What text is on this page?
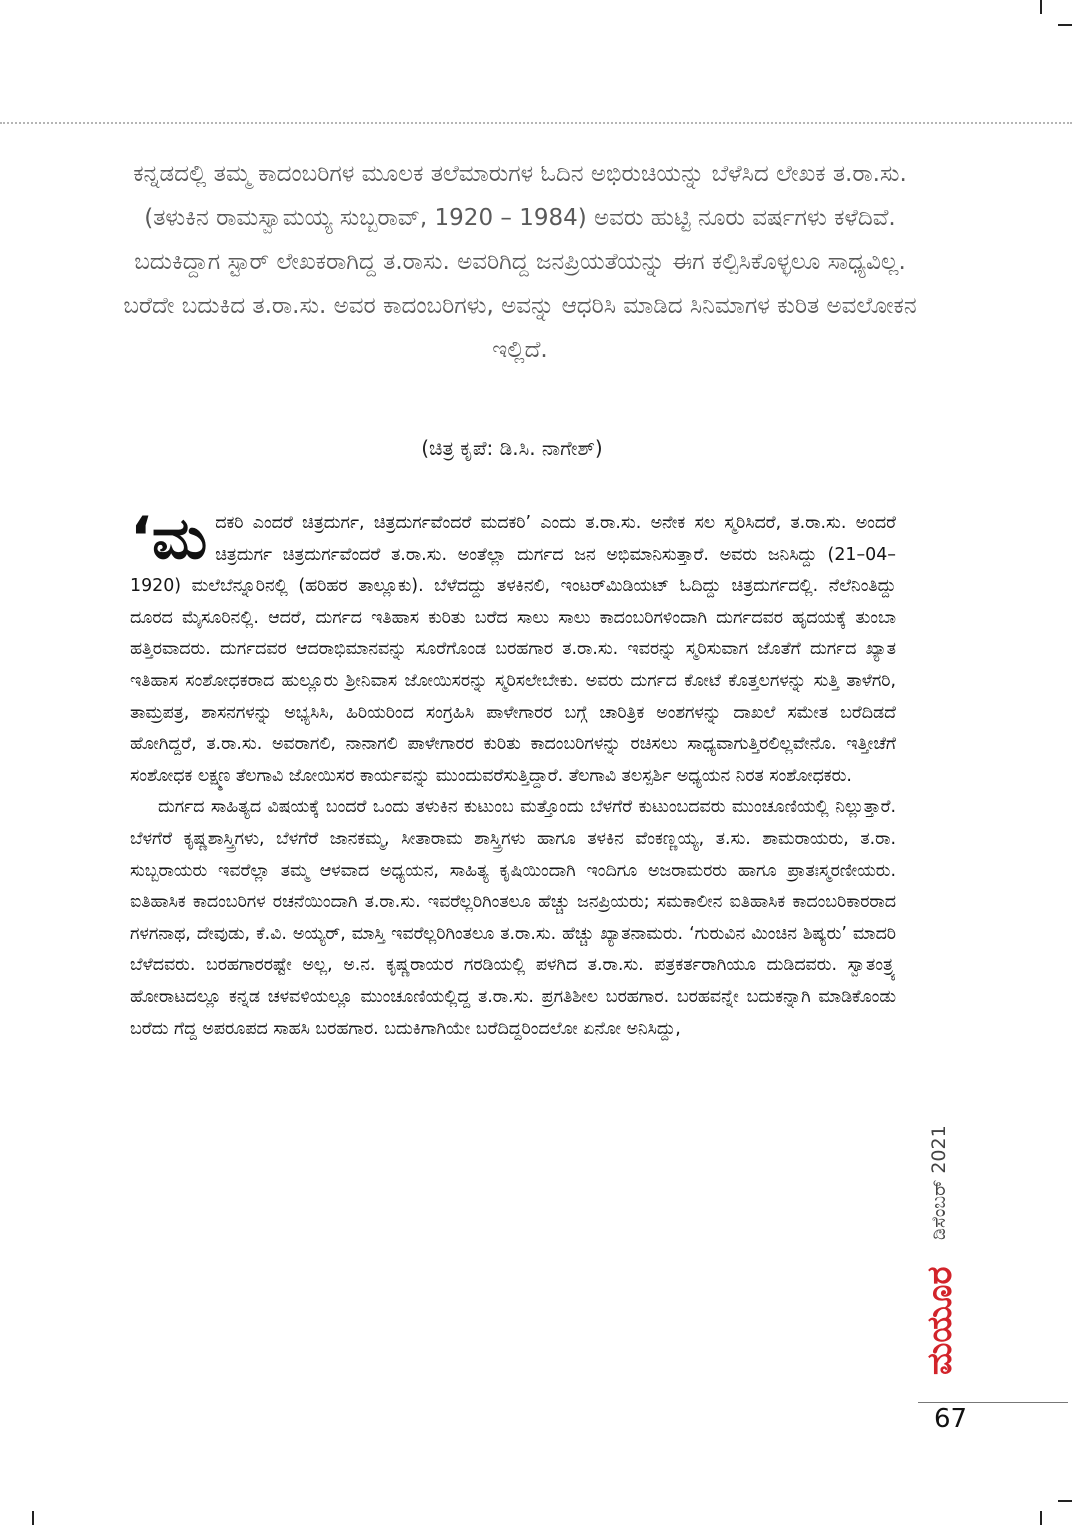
ಕನ್ನಡದಲ್ಲಿ ತಮ್ಮ ಕಾದಂಬರಿಗಳ ಮೂಲಕ ತಲೆಮಾರುಗಳ ಓದಿನ ಅಭಿರುಚಿಯನ್ನು ಬೆಳೆಸಿದ ಲೇಖಕ ತ.ರಾ.ಸು. (ತಳುಕಿನ ರಾಮಸ್ವಾಮಯ್ಯ ಸುಬ್ಬರಾವ್, 1920 – 1984) ಅವರು ಹುಟ್ಟಿ ನೂರು ವರ್ಷಗಳು ಕಳೆದಿವೆ. ಬದುಕಿದ್ದಾಗ ಸ್ಟಾರ್ ಲೇಖಕರಾಗಿದ್ದ ತ.ರಾಸು. ಅವರಿಗಿದ್ದ ಜನಪ್ರಿಯತೆಯನ್ನು ಈಗ ಕಲ್ಪಿಸಿಕೊಳ್ಳಲೂ ಸಾಧ್ಯವಿಲ್ಲ. ಬರೆದೇ ಬದುಕಿದ ತ.ರಾ.ಸು. ಅವರ ಕಾದಂಬರಿಗಳು, ಅವನ್ನು ಆಧರಿಸಿ ಮಾಡಿದ ಸಿನಿಮಾಗಳ ಕುರಿತ ಅವಲೋಕನ ಇಲ್ಲಿದೆ.

(ಚಿತ್ರ ಕೃಪೆ: ಡಿ.ಸಿ. ನಾಗೇಶ್)

‘ಮದಕರಿ ಎಂದರೆ ಚಿತ್ರದುರ್ಗ, ಚಿತ್ರದುರ್ಗವೆಂದರೆ ಮದಕರಿ’ ಎಂದು ತ.ರಾ.ಸು. ಅನೇಕ ಸಲ ಸ್ಮರಿಸಿದರೆ, ತ.ರಾ.ಸು. ಅಂದರೆ ಚಿತ್ರದುರ್ಗ ಚಿತ್ರದುರ್ಗವೆಂದರೆ ತ.ರಾ.ಸು. ಅಂತೆಲ್ಲಾ ದುರ್ಗದ ಜನ ಅಭಿಮಾನಿಸುತ್ತಾರೆ. ಅವರು ಜನಿಸಿದ್ದು (21–04–1920) ಮಲೆಬೆನ್ನೂರಿನಲ್ಲಿ (ಹರಿಹರ ತಾಲ್ಲೂಕು). ಬೆಳೆದದ್ದು ತಳಕಿನಲಿ, ಇಂಟರ್‌ಮಿಡಿಯಟ್ ಓದಿದ್ದು ಚಿತ್ರದುರ್ಗದಲ್ಲಿ. ನೆಲೆನಿಂತಿದ್ದು ದೂರದ ಮೈಸೂರಿನಲ್ಲಿ. ಆದರೆ, ದುರ್ಗದ ಇತಿಹಾಸ ಕುರಿತು ಬರೆದ ಸಾಲು ಸಾಲು ಕಾದಂಬರಿಗಳಿಂದಾಗಿ ದುರ್ಗದವರ ಹೃದಯಕ್ಕೆ ತುಂಬಾ ಹತ್ತಿರವಾದರು. ದುರ್ಗದವರ ಆದರಾಭಿಮಾನವನ್ನು ಸೂರೆಗೊಂಡ ಬರಹಗಾರ ತ.ರಾ.ಸು. ಇವರನ್ನು ಸ್ಮರಿಸುವಾಗ ಜೊತೆಗೆ ದುರ್ಗದ ಖ್ಯಾತ ಇತಿಹಾಸ ಸಂಶೋಧಕರಾದ ಹುಲ್ಲೂರು ಶ್ರೀನಿವಾಸ ಜೋಯಿಸರನ್ನು ಸ್ಮರಿಸಲೇಬೇಕು. ಅವರು ದುರ್ಗದ ಕೋಟೆ ಕೊತ್ತಲಗಳನ್ನು ಸುತ್ತಿ ತಾಳೆಗರಿ, ತಾಮ್ರಪತ್ರ, ಶಾಸನಗಳನ್ನು ಅಭ್ಯಸಿಸಿ, ಹಿರಿಯರಿಂದ ಸಂಗ್ರಹಿಸಿ ಪಾಳೇಗಾರರ ಬಗ್ಗೆ ಚಾರಿತ್ರಿಕ ಅಂಶಗಳನ್ನು ದಾಖಲೆ ಸಮೇತ ಬರೆದಿಡದೆ ಹೋಗಿದ್ದರೆ, ತ.ರಾ.ಸು. ಅವರಾಗಲಿ, ನಾನಾಗಲಿ ಪಾಳೇಗಾರರ ಕುರಿತು ಕಾದಂಬರಿಗಳನ್ನು ರಚಿಸಲು ಸಾಧ್ಯವಾಗುತ್ತಿರಲಿಲ್ಲವೇನೊ. ಇತ್ತೀಚೆಗೆ ಸಂಶೋಧಕ ಲಕ್ಷ್ಮಣ ತೆಲಗಾವಿ ಜೋಯಿಸರ ಕಾರ್ಯವನ್ನು ಮುಂದುವರೆಸುತ್ತಿದ್ದಾರೆ. ತೆಲಗಾವಿ ತಲಸ್ಪರ್ಶಿ ಅಧ್ಯಯನ ನಿರತ ಸಂಶೋಧಕರು.

ದುರ್ಗದ ಸಾಹಿತ್ಯದ ವಿಷಯಕ್ಕೆ ಬಂದರೆ ಒಂದು ತಳುಕಿನ ಕುಟುಂಬ ಮತ್ತೊಂದು ಬೆಳಗೆರೆ ಕುಟುಂಬದವರು ಮುಂಚೂಣಿಯಲ್ಲಿ ನಿಲ್ಲುತ್ತಾರೆ. ಬೆಳಗೆರೆ ಕೃಷ್ಣಶಾಸ್ತ್ರಿಗಳು, ಬೆಳಗೆರೆ ಜಾನಕಮ್ಮ, ಸೀತಾರಾಮ ಶಾಸ್ತ್ರಿಗಳು ಹಾಗೂ ತಳಕಿನ ವೆಂಕಣ್ಣಯ್ಯ, ತ.ಸು. ಶಾಮರಾಯರು, ತ.ರಾ. ಸುಬ್ಬರಾಯರು ಇವರೆಲ್ಲಾ ತಮ್ಮ ಆಳವಾದ ಅಧ್ಯಯನ, ಸಾಹಿತ್ಯ ಕೃಷಿಯಿಂದಾಗಿ ಇಂದಿಗೂ ಅಜರಾಮರರು ಹಾಗೂ ಪ್ರಾತಃಸ್ಮರಣೀಯರು. ಐತಿಹಾಸಿಕ ಕಾದಂಬರಿಗಳ ರಚನೆಯಿಂದಾಗಿ ತ.ರಾ.ಸು. ಇವರೆಲ್ಲರಿಗಿಂತಲೂ ಹೆಚ್ಚು ಜನಪ್ರಿಯರು; ಸಮಕಾಲೀನ ಐತಿಹಾಸಿಕ ಕಾದಂಬರಿಕಾರರಾದ ಗಳಗನಾಥ, ದೇವುಡು, ಕೆ.ವಿ. ಅಯ್ಯರ್, ಮಾಸ್ತಿ ಇವರೆಲ್ಲರಿಗಿಂತಲೂ ತ.ರಾ.ಸು. ಹೆಚ್ಚು ಖ್ಯಾತನಾಮರು. ‘ಗುರುವಿನ ಮಿಂಚಿನ ಶಿಷ್ಯರು’ ಮಾದರಿ ಬೆಳೆದವರು. ಬರಹಗಾರರಷ್ಟೇ ಅಲ್ಲ, ಅ.ನ. ಕೃಷ್ಣರಾಯರ ಗರಡಿಯಲ್ಲಿ ಪಳಗಿದ ತ.ರಾ.ಸು. ಪತ್ರಕರ್ತರಾಗಿಯೂ ದುಡಿದವರು. ಸ್ವಾತಂತ್ರ್ಯ ಹೋರಾಟದಲ್ಲೂ ಕನ್ನಡ ಚಳವಳಿಯಲ್ಲೂ ಮುಂಚೂಣಿಯಲ್ಲಿದ್ದ ತ.ರಾ.ಸು. ಪ್ರಗತಿಶೀಲ ಬರಹಗಾರ. ಬರಹವನ್ನೇ ಬದುಕನ್ನಾಗಿ ಮಾಡಿಕೊಂಡು ಬರೆದು ಗೆದ್ದ ಅಪರೂಪದ ಸಾಹಸಿ ಬರಹಗಾರ. ಬದುಕಿಗಾಗಿಯೇ ಬರೆದಿದ್ದರಿಂದಲೋ ಏನೋ ಅನಿಸಿದ್ದು,

ಡಿಸೆಂಬರ್ 2021
ಮಯೂರ
67
